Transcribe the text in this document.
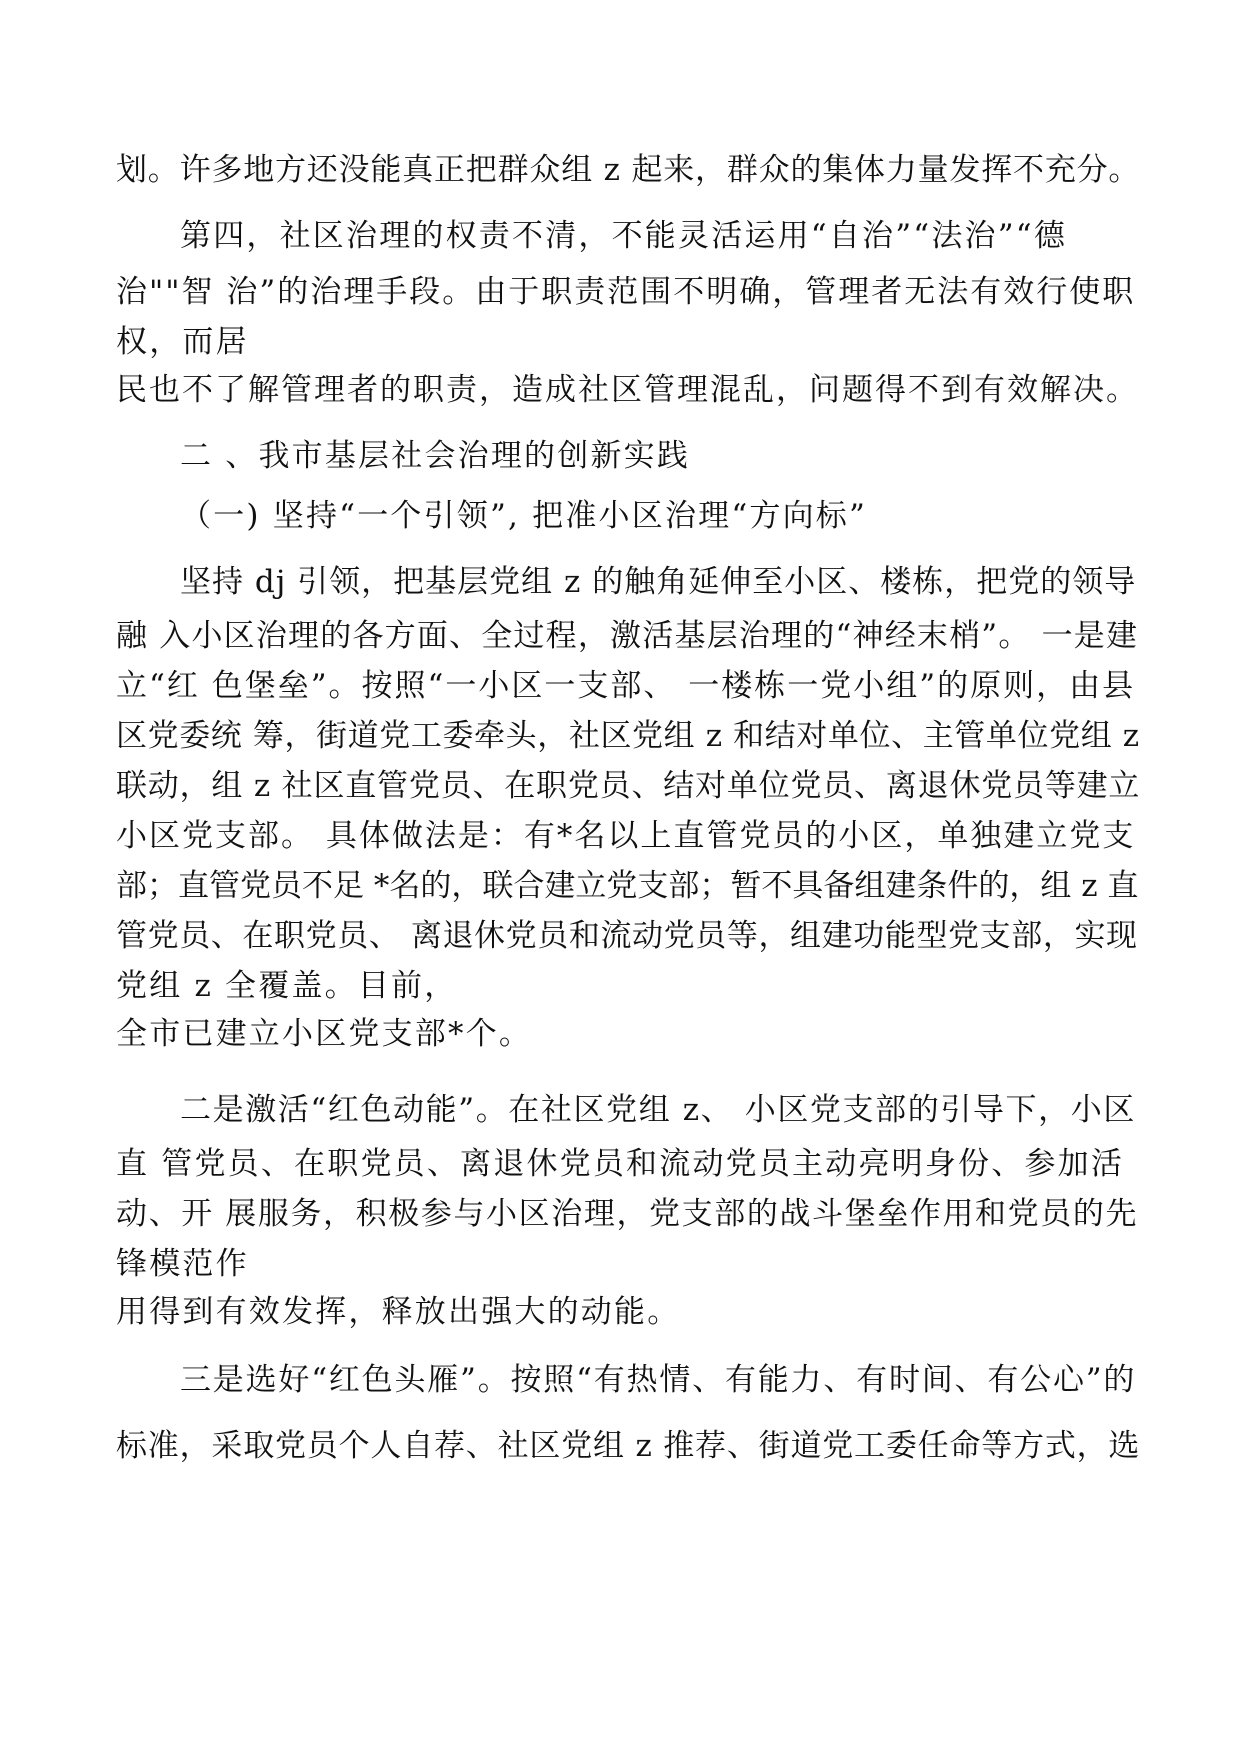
划。许多地方还没能真正把群众组 z 起来，群众的集体力量发挥不充分。
第四，社区治理的权责不清，不能灵活运用“自治”“法治”“德
治""智 治”的治理手段。由于职责范围不明确，管理者无法有效行使职
权，而居
民也不了解管理者的职责，造成社区管理混乱，问题得不到有效解决。
二 、我市基层社会治理的创新实践
（一) 坚持“一个引领”, 把准小区治理“方向标”
坚持 dj 引领，把基层党组 z 的触角延伸至小区、楼栋，把党的领导
融 入小区治理的各方面、全过程，激活基层治理的“神经末梢”。 一是建
立“红 色堡垒”。按照“一小区一支部、 一楼栋一党小组”的原则，由县
区党委统 筹，街道党工委牵头，社区党组 z 和结对单位、主管单位党组 z
联动，组 z 社区直管党员、在职党员、结对单位党员、离退休党员等建立
小区党支部。 具体做法是：有*名以上直管党员的小区，单独建立党支
部；直管党员不足 *名的，联合建立党支部；暂不具备组建条件的，组 z 直
管党员、在职党员、 离退休党员和流动党员等，组建功能型党支部，实现
党组 z 全覆盖。目前，
全市已建立小区党支部*个。
二是激活“红色动能”。在社区党组 z、 小区党支部的引导下，小区
直 管党员、在职党员、离退休党员和流动党员主动亮明身份、参加活
动、开 展服务，积极参与小区治理，党支部的战斗堡垒作用和党员的先
锋模范作
用得到有效发挥，释放出强大的动能。
三是选好“红色头雁”。按照“有热情、有能力、有时间、有公心”的
标准，采取党员个人自荐、社区党组 z 推荐、街道党工委任命等方式，选
